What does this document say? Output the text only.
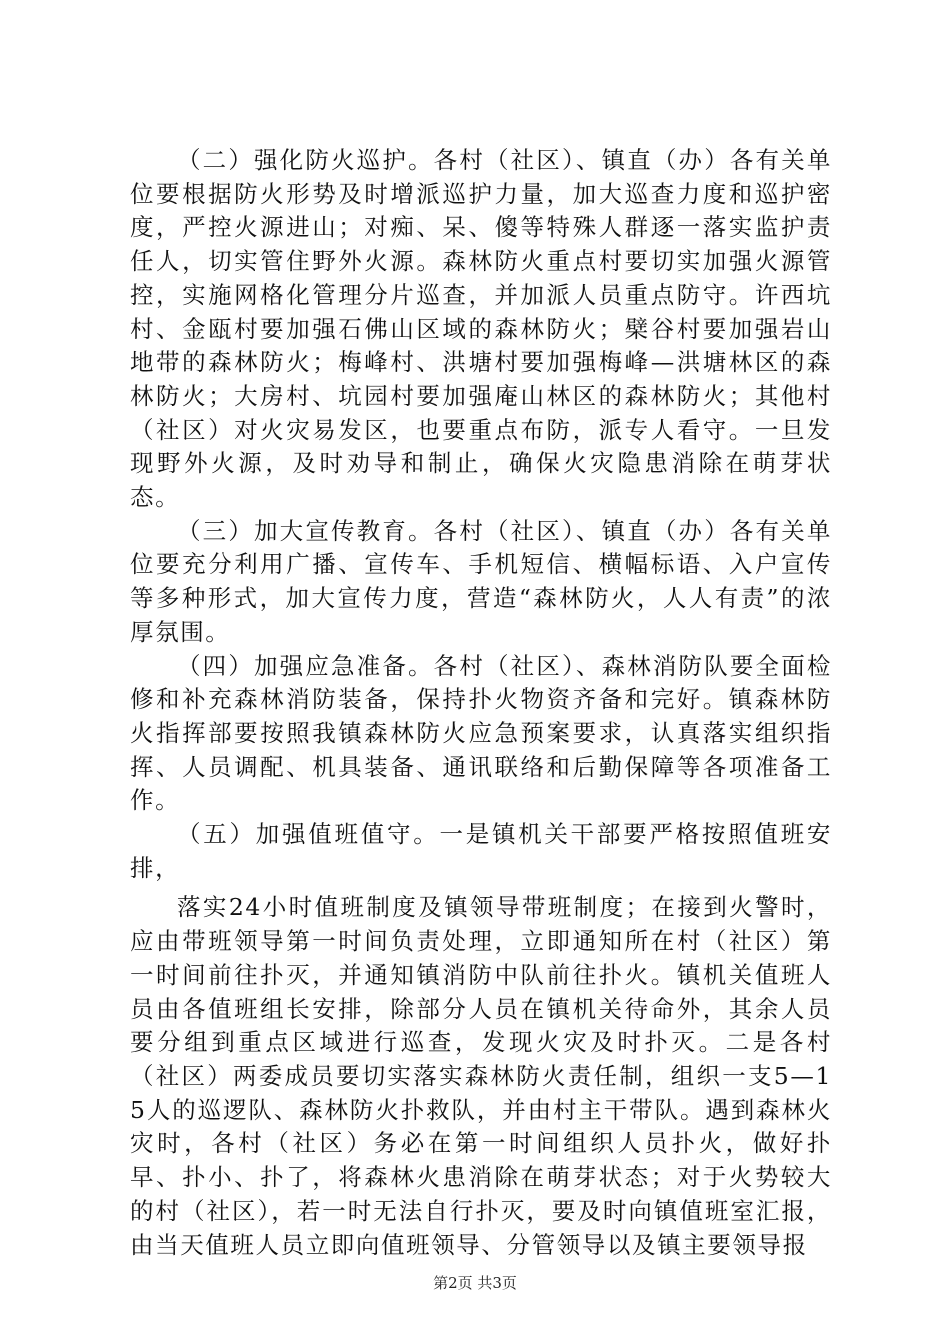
（二）强化防火巡护。各村（社区）、镇直（办）各有关单位要根据防火形势及时增派巡护力量，加大巡查力度和巡护密度，严控火源进山；对痴、呆、傻等特殊人群逐一落实监护责任人，切实管住野外火源。森林防火重点村要切实加强火源管控，实施网格化管理分片巡查，并加派人员重点防守。许西坑村、金瓯村要加强石佛山区域的森林防火；檗谷村要加强岩山地带的森林防火；梅峰村、洪塘村要加强梅峰—洪塘林区的森林防火；大房村、坑园村要加强庵山林区的森林防火；其他村（社区）对火灾易发区，也要重点布防，派专人看守。一旦发现野外火源，及时劝导和制止，确保火灾隐患消除在萌芽状态。

（三）加大宣传教育。各村（社区）、镇直（办）各有关单位要充分利用广播、宣传车、手机短信、横幅标语、入户宣传等多种形式，加大宣传力度，营造“森林防火，人人有责”的浓厚氛围。

（四）加强应急准备。各村（社区）、森林消防队要全面检修和补充森林消防装备，保持扑火物资齐备和完好。镇森林防火指挥部要按照我镇森林防火应急预案要求，认真落实组织指挥、人员调配、机具装备、通讯联络和后勤保障等各项准备工作。

（五）加强值班值守。一是镇机关干部要严格按照值班安排，

落实24小时值班制度及镇领导带班制度；在接到火警时，应由带班领导第一时间负责处理，立即通知所在村（社区）第一时间前往扑灭，并通知镇消防中队前往扑火。镇机关值班人员由各值班组长安排，除部分人员在镇机关待命外，其余人员要分组到重点区域进行巡查，发现火灾及时扑灭。二是各村（社区）两委成员要切实落实森林防火责任制，组织一支5—15人的巡逻队、森林防火扑救队，并由村主干带队。遇到森林火灾时，各村（社区）务必在第一时间组织人员扑火，做好扑早、扑小、扑了，将森林火患消除在萌芽状态；对于火势较大的村（社区），若一时无法自行扑灭，要及时向镇值班室汇报，由当天值班人员立即向值班领导、分管领导以及镇主要领导报

第2页 共3页
